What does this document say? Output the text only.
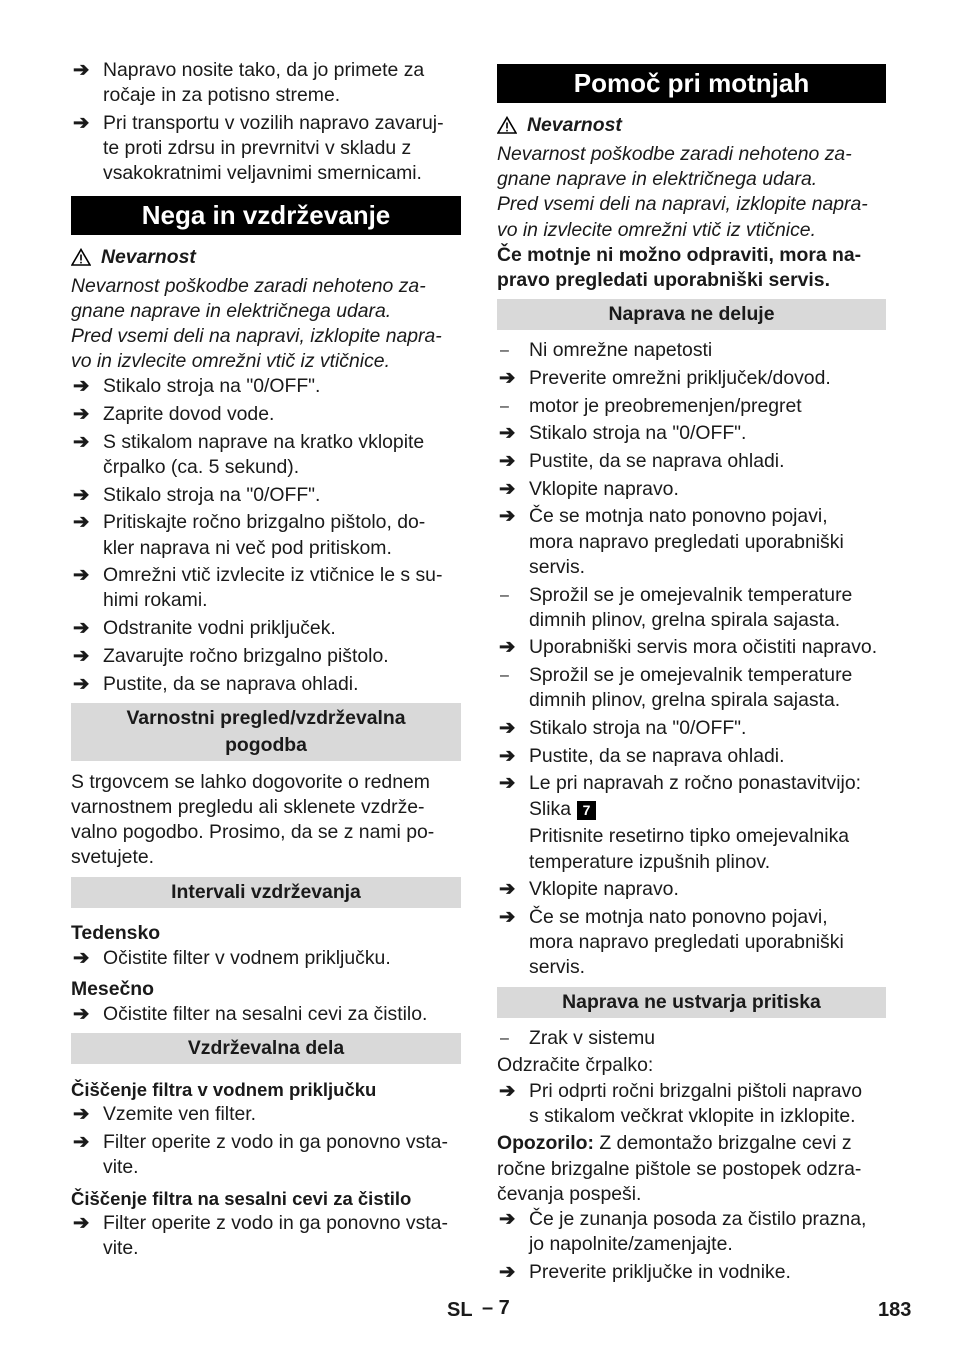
➔ Napravo nosite tako, da jo primete za
ročaje in za potisno streme.
➔ Pri transportu v vozilih napravo zavaruj-
te proti zdrsu in prevrnitvi v skladu z
vsakokratnimi veljavnimi smernicami.
Nega in vzdrževanje
Nevarnost
Nevarnost poškodbe zaradi nehoteno za-
gnane naprave in električnega udara.
Pred vsemi deli na napravi, izklopite napra-
vo in izvlecite omrežni vtič iz vtičnice.
➔ Stikalo stroja na "0/OFF".
➔ Zaprite dovod vode.
➔ S stikalom naprave na kratko vklopite
črpalko (ca. 5 sekund).
➔ Stikalo stroja na "0/OFF".
➔ Pritiskajte ročno brizgalno pištolo, do-
kler naprava ni več pod pritiskom.
➔ Omrežni vtič izvlecite iz vtičnice le s su-
himi rokami.
➔ Odstranite vodni priključek.
➔ Zavarujte ročno brizgalno pištolo.
➔ Pustite, da se naprava ohladi.
Varnostni pregled/vzdrževalna
pogodba
S trgovcem se lahko dogovorite o rednem
varnostnem pregledu ali sklenete vzdrže-
valno pogodbo. Prosimo, da se z nami po-
svetujete.
Intervali vzdrževanja
Tedensko
➔ Očistite filter v vodnem priključku.
Mesečno
➔ Očistite filter na sesalni cevi za čistilo.
Vzdrževalna dela
Čiščenje filtra v vodnem priključku
➔ Vzemite ven filter.
➔ Filter operite z vodo in ga ponovno vsta-
vite.
Čiščenje filtra na sesalni cevi za čistilo
➔ Filter operite z vodo in ga ponovno vsta-
vite.
Pomoč pri motnjah
Nevarnost
Nevarnost poškodbe zaradi nehoteno za-
gnane naprave in električnega udara.
Pred vsemi deli na napravi, izklopite napra-
vo in izvlecite omrežni vtič iz vtičnice.
Če motnje ni možno odpraviti, mora na-
pravo pregledati uporabniški servis.
Naprava ne deluje
–	Ni omrežne napetosti
➔ Preverite omrežni priključek/dovod.
–	motor je preobremenjen/pregret
➔ Stikalo stroja na "0/OFF".
➔ Pustite, da se naprava ohladi.
➔ Vklopite napravo.
➔ Če se motnja nato ponovno pojavi,
mora napravo pregledati uporabniški
servis.
–	Sprožil se je omejevalnik temperature
dimnih plinov, grelna spirala sajasta.
➔ Uporabniški servis mora očistiti napravo.
–	Sprožil se je omejevalnik temperature
dimnih plinov, grelna spirala sajasta.
➔ Stikalo stroja na "0/OFF".
➔ Pustite, da se naprava ohladi.
➔ Le pri napravah z ročno ponastavitvijo:
Slika 7
Pritisnite resetirno tipko omejevalnika
temperature izpušnih plinov.
➔ Vklopite napravo.
➔ Če se motnja nato ponovno pojavi,
mora napravo pregledati uporabniški
servis.
Naprava ne ustvarja pritiska
–	Zrak v sistemu
Odzračite črpalko:
➔ Pri odprti ročni brizgalni pištoli napravo
s stikalom večkrat vklopite in izklopite.
Opozorilo: Z demontažo brizgalne cevi z
ročne brizgalne pištole se postopek odzra-
čevanja pospeši.
➔ Če je zunanja posoda za čistilo prazna,
jo napolnite/zamenjajte.
➔ Preverite priključke in vodnike.
SL – 7	183
